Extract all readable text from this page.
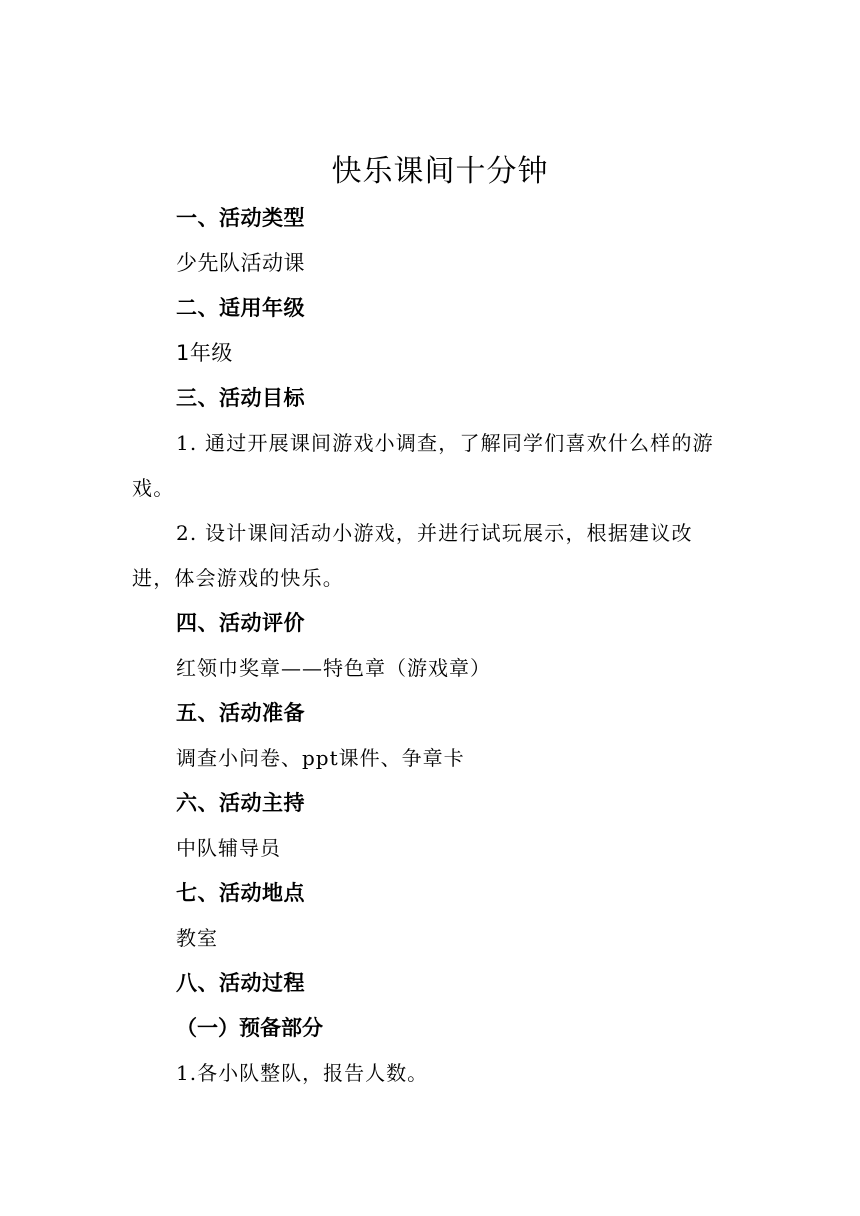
快乐课间十分钟
一、活动类型
少先队活动课
二、适用年级
1年级
三、活动目标
1. 通过开展课间游戏小调查，了解同学们喜欢什么样的游戏。
2. 设计课间活动小游戏，并进行试玩展示，根据建议改进，体会游戏的快乐。
四、活动评价
红领巾奖章——特色章（游戏章）
五、活动准备
调查小问卷、ppt课件、争章卡
六、活动主持
中队辅导员
七、活动地点
教室
八、活动过程
（一）预备部分
1.各小队整队，报告人数。
